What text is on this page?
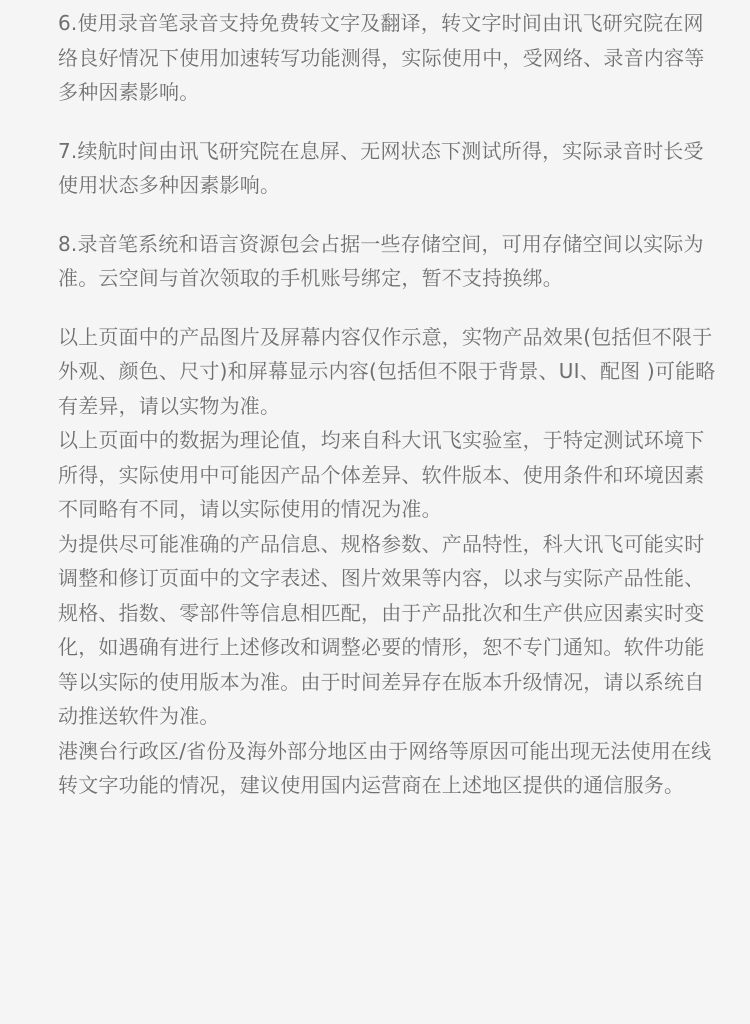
6.使用录音笔录音支持免费转文字及翻译，转文字时间由讯飞研究院在网络良好情况下使用加速转写功能测得，实际使用中，受网络、录音内容等多种因素影响。

7.续航时间由讯飞研究院在息屏、无网状态下测试所得，实际录音时长受使用状态多种因素影响。

8.录音笔系统和语言资源包会占据一些存储空间，可用存储空间以实际为准。云空间与首次领取的手机账号绑定，暂不支持换绑。

以上页面中的产品图片及屏幕内容仅作示意，实物产品效果(包括但不限于外观、颜色、尺寸)和屏幕显示内容(包括但不限于背景、UI、配图 )可能略有差异，请以实物为准。

以上页面中的数据为理论值，均来自科大讯飞实验室，于特定测试环境下所得，实际使用中可能因产品个体差异、软件版本、使用条件和环境因素不同略有不同，请以实际使用的情况为准。

为提供尽可能准确的产品信息、规格参数、产品特性，科大讯飞可能实时调整和修订页面中的文字表述、图片效果等内容，以求与实际产品性能、规格、指数、零部件等信息相匹配，由于产品批次和生产供应因素实时变化，如遇确有进行上述修改和调整必要的情形，恕不专门通知。软件功能等以实际的使用版本为准。由于时间差异存在版本升级情况，请以系统自动推送软件为准。

港澳台行政区/省份及海外部分地区由于网络等原因可能出现无法使用在线转文字功能的情况，建议使用国内运营商在上述地区提供的通信服务。
